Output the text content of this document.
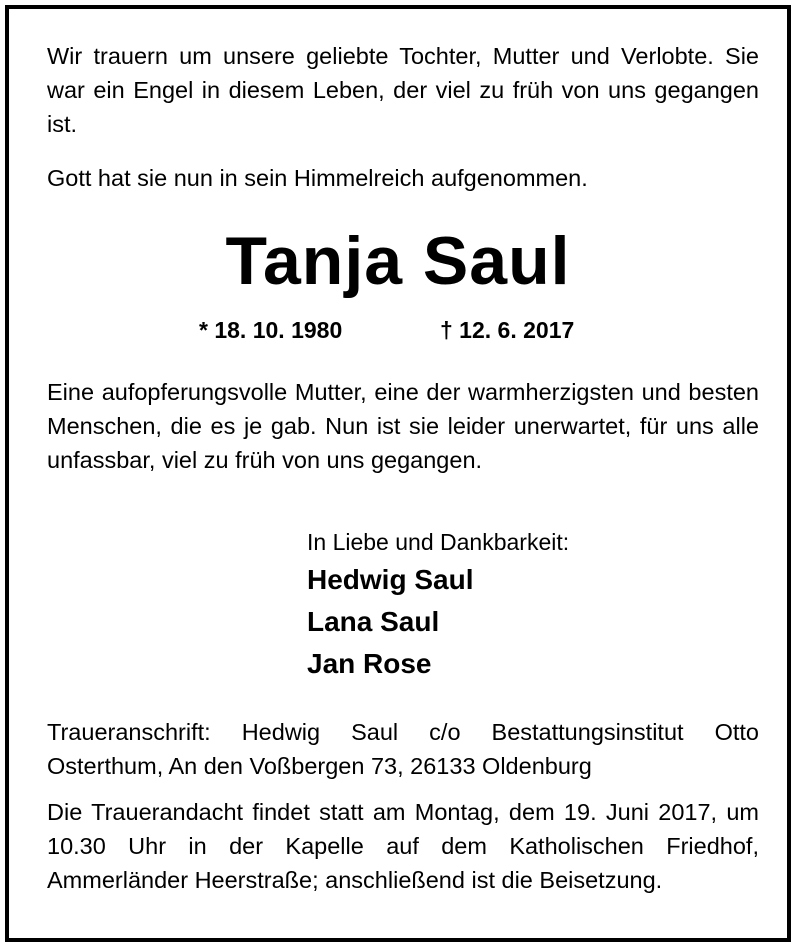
Wir trauern um unsere geliebte Tochter, Mutter und Verlobte. Sie war ein Engel in diesem Leben, der viel zu früh von uns gegangen ist.

Gott hat sie nun in sein Himmelreich aufgenommen.

Tanja Saul
* 18. 10. 1980	† 12. 6. 2017

Eine aufopferungsvolle Mutter, eine der warmherzigsten und besten Menschen, die es je gab. Nun ist sie leider unerwartet, für uns alle unfassbar, viel zu früh von uns gegangen.

In Liebe und Dankbarkeit:
Hedwig Saul
Lana Saul
Jan Rose

Traueranschrift: Hedwig Saul c/o Bestattungsinstitut Otto Osterthum, An den Voßbergen 73, 26133 Oldenburg

Die Trauerandacht findet statt am Montag, dem 19. Juni 2017, um 10.30 Uhr in der Kapelle auf dem Katholischen Friedhof, Ammerländer Heerstraße; anschließend ist die Beisetzung.
